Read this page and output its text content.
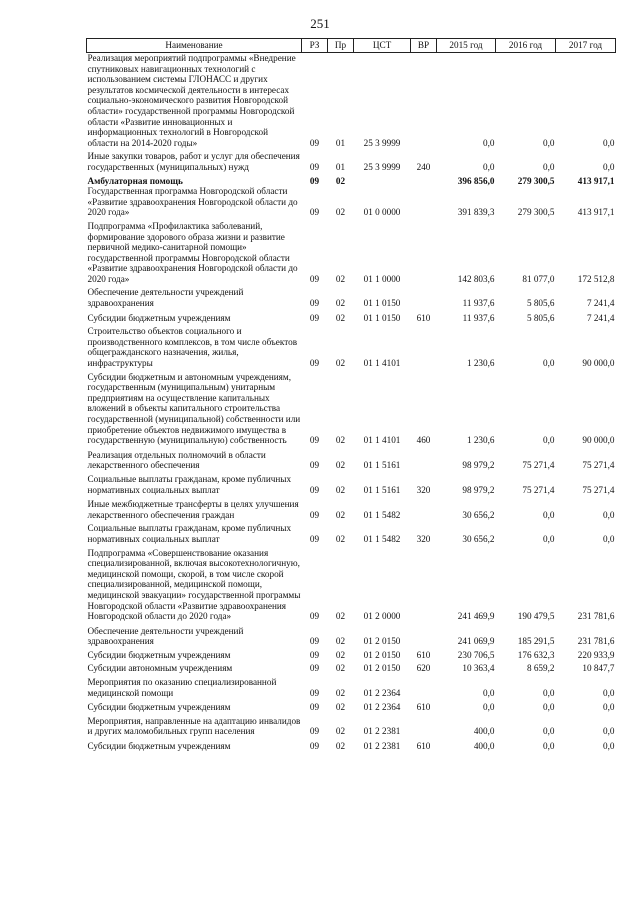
251
Наименование	РЗ	Пр	ЦСТ	ВР	2015 год	2016 год	2017 год
Реализация мероприятий подпрограммы «Внедрение спутниковых навигационных технологий с использованием системы ГЛОНАСС и других результатов космической деятельности в интересах социально-экономического развития Новгородской области» государственной программы Новгородской области «Развитие инновационных и информационных технологий в Новгородской области на 2014-2020 годы»	09	01	25 3 9999		0,0	0,0	0,0
Иные закупки товаров, работ и услуг для обеспечения государственных (муниципальных) нужд	09	01	25 3 9999	240	0,0	0,0	0,0
Амбулаторная помощь	09	02			396 856,0	279 300,5	413 917,1
Государственная программа Новгородской области «Развитие здравоохранения Новгородской области до 2020 года»	09	02	01 0 0000		391 839,3	279 300,5	413 917,1
Подпрограмма «Профилактика заболеваний, формирование здорового образа жизни и развитие первичной медико-санитарной помощи» государственной программы Новгородской области «Развитие здравоохранения Новгородской области до 2020 года»	09	02	01 1 0000		142 803,6	81 077,0	172 512,8
Обеспечение деятельности учреждений здравоохранения	09	02	01 1 0150		11 937,6	5 805,6	7 241,4
Субсидии бюджетным учреждениям	09	02	01 1 0150	610	11 937,6	5 805,6	7 241,4
Строительство объектов социального и производственного комплексов, в том числе объектов общегражданского назначения, жилья, инфраструктуры	09	02	01 1 4101		1 230,6	0,0	90 000,0
Субсидии бюджетным и автономным учреждениям, государственным (муниципальным) унитарным предприятиям на осуществление капитальных вложений в объекты капитального строительства государственной (муниципальной) собственности или приобретение объектов недвижимого имущества в государственную (муниципальную) собственность	09	02	01 1 4101	460	1 230,6	0,0	90 000,0
Реализация отдельных полномочий в области лекарственного обеспечения	09	02	01 1 5161		98 979,2	75 271,4	75 271,4
Социальные выплаты гражданам, кроме публичных нормативных социальных выплат	09	02	01 1 5161	320	98 979,2	75 271,4	75 271,4
Иные межбюджетные трансферты в целях улучшения лекарственного обеспечения граждан	09	02	01 1 5482		30 656,2	0,0	0,0
Социальные выплаты гражданам, кроме публичных нормативных социальных выплат	09	02	01 1 5482	320	30 656,2	0,0	0,0
Подпрограмма «Совершенствование оказания специализированной, включая высокотехнологичную, медицинской помощи, скорой, в том числе скорой специализированной, медицинской помощи, медицинской эвакуации» государственной программы Новгородской области «Развитие здравоохранения Новгородской области до 2020 года»	09	02	01 2 0000		241 469,9	190 479,5	231 781,6
Обеспечение деятельности учреждений здравоохранения	09	02	01 2 0150		241 069,9	185 291,5	231 781,6
Субсидии бюджетным учреждениям	09	02	01 2 0150	610	230 706,5	176 632,3	220 933,9
Субсидии автономным учреждениям	09	02	01 2 0150	620	10 363,4	8 659,2	10 847,7
Мероприятия по оказанию специализированной медицинской помощи	09	02	01 2 2364		0,0	0,0	0,0
Субсидии бюджетным учреждениям	09	02	01 2 2364	610	0,0	0,0	0,0
Мероприятия, направленные на адаптацию инвалидов и других маломобильных групп населения	09	02	01 2 2381		400,0	0,0	0,0
Субсидии бюджетным учреждениям	09	02	01 2 2381	610	400,0	0,0	0,0
